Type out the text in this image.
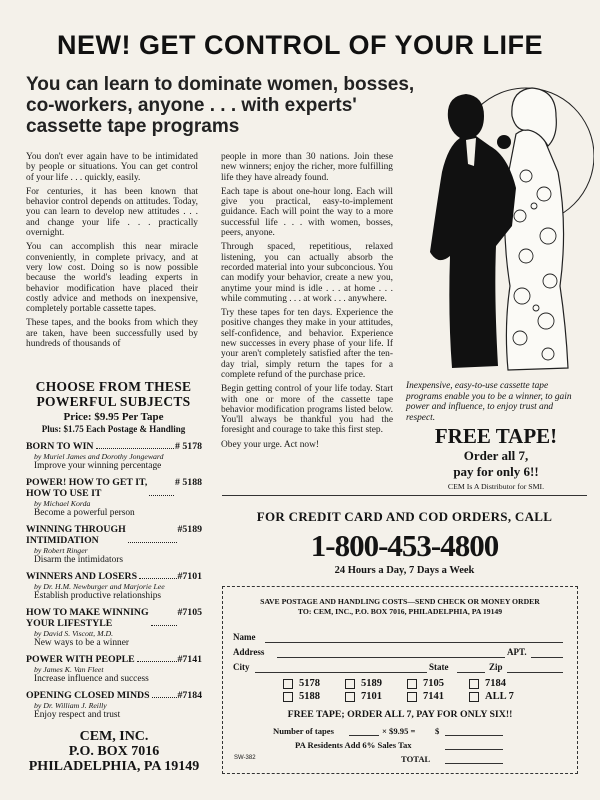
NEW! GET CONTROL OF YOUR LIFE
You can learn to dominate women, bosses, co-workers, anyone . . . with experts' cassette tape programs

You don't ever again have to be intimidated by people or situations. You can get control of your life . . . quickly, easily.

For centuries, it has been known that behavior control depends on attitudes. Today, you can learn to develop new attitudes . . . and change your life . . . practically overnight.

You can accomplish this near miracle conveniently, in complete privacy, and at very low cost. Doing so is now possible because the world's leading experts in behavior modification have placed their costly advice and methods on inexpensive, completely portable cassette tapes.

These tapes, and the books from which they are taken, have been successfully used by hundreds of thousands of

people in more than 30 nations. Join these new winners; enjoy the richer, more fulfilling life they have already found.

Each tape is about one-hour long. Each will give you practical, easy-to-implement guidance. Each will point the way to a more successful life . . . with women, bosses, peers, anyone.

Through spaced, repetitious, relaxed listening, you can actually absorb the recorded material into your subconcious. You can modify your behavior, create a new you, anytime your mind is idle . . . at home . . . while commuting . . . at work . . . anywhere.

Try these tapes for ten days. Experience the positive changes they make in your attitudes, self-confidence, and behavior. Experience new successes in every phase of your life. If your aren't completely satisfied after the ten-day trial, simply return the tapes for a complete refund of the purchase price.

Begin getting control of your life today. Start with one or more of the cassette tape behavior modification programs listed below. You'll always be thankful you had the foresight and courage to take this first step.

Obey your urge. Act now!

CHOOSE FROM THESE POWERFUL SUBJECTS
Price: $9.95 Per Tape
Plus: $1.75 Each Postage & Handling
BORN TO WIN	# 5178
by Muriel James and Dorothy Jongeward
Improve your winning percentage
POWER! HOW TO GET IT,
HOW TO USE IT
# 5188
by Michael Korda
Become a powerful person
WINNING THROUGH
INTIMIDATION
#5189
by Robert Ringer
Disarm the intimidators
WINNERS AND LOSERS	#7101
by Dr. H.M. Newburger and Marjorie Lee
Establish productive relationships
HOW TO MAKE WINNING
YOUR LIFESTYLE
#7105
by David S. Viscott, M.D.
New ways to be a winner
POWER WITH PEOPLE	#7141
by James K. Van Fleet
Increase influence and success
OPENING CLOSED MINDS	#7184
by Dr. William J. Reilly
Enjoy respect and trust
CEM, INC.
P.O. BOX 7016
PHILADELPHIA, PA 19149
Inexpensive, easy-to-use cassette tape programs enable you to be a winner, to gain power and influence, to enjoy trust and respect.
FREE TAPE!
Order all 7,
pay for only 6!!
CEM Is A Distributor for SMI.
FOR CREDIT CARD AND COD ORDERS, CALL
1-800-453-4800
24 Hours a Day, 7 Days a Week
SAVE POSTAGE AND HANDLING COSTS—SEND CHECK OR MONEY ORDER
TO: CEM, INC., P.O. BOX 7016, PHILADELPHIA, PA 19149
Name
Address	APT.
City	State	Zip
5178	5189	7105	7184
5188	7101	7141	ALL 7
FREE TAPE; ORDER ALL 7, PAY FOR ONLY SIX!!
Number of tapes	× $9.95 = $
PA Residents Add 6% Sales Tax
TOTAL
SW-382
